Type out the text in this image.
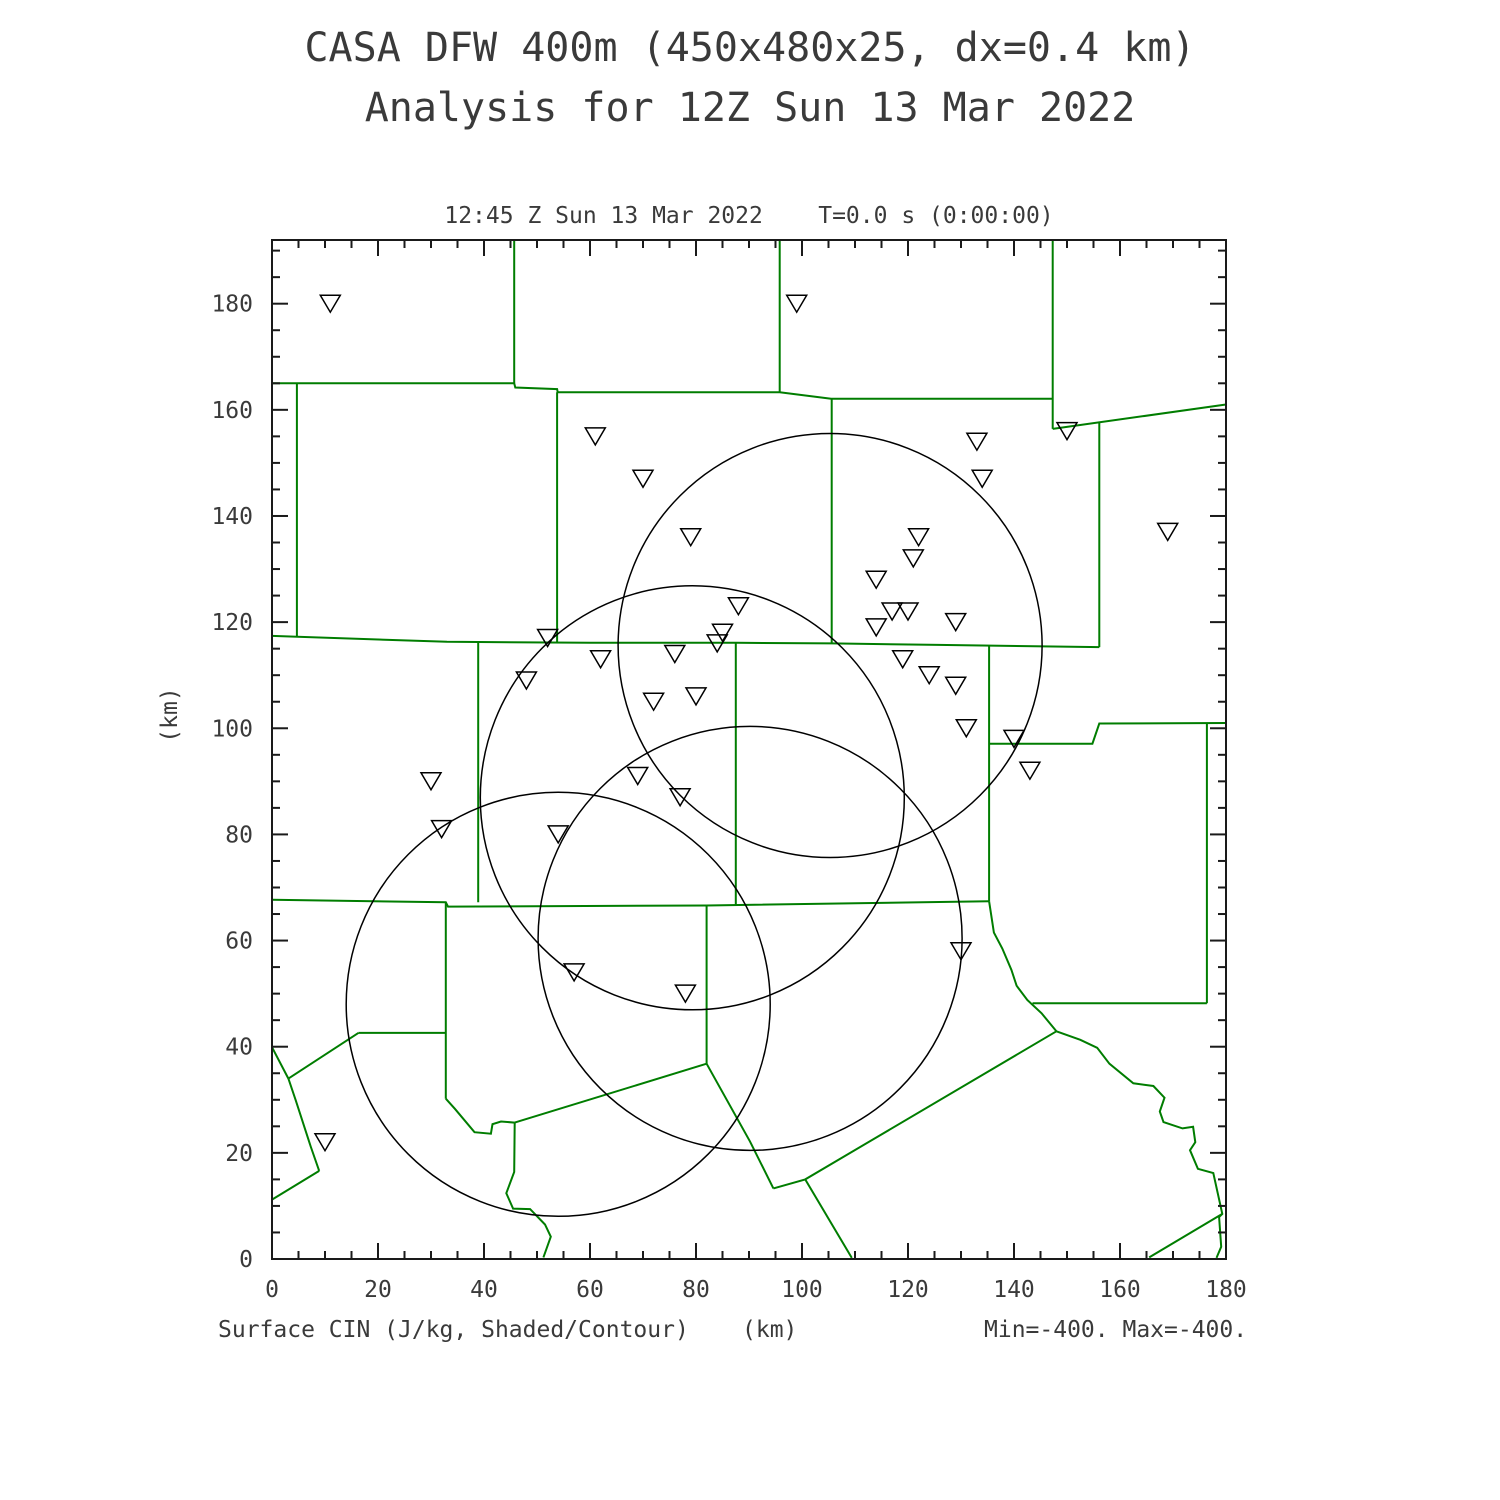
CASA DFW 400m (450x480x25, dx=0.4 km)
Analysis for 12Z Sun 13 Mar 2022
12:45 Z Sun 13 Mar 2022    T=0.0 s (0:00:00)
(km)
0	20	40	60	80	100	120	140	160	180
0
20
40
60
80
100
120
140
160
180
Surface CIN (J/kg, Shaded/Contour) (km)	Min=-400. Max=-400.
